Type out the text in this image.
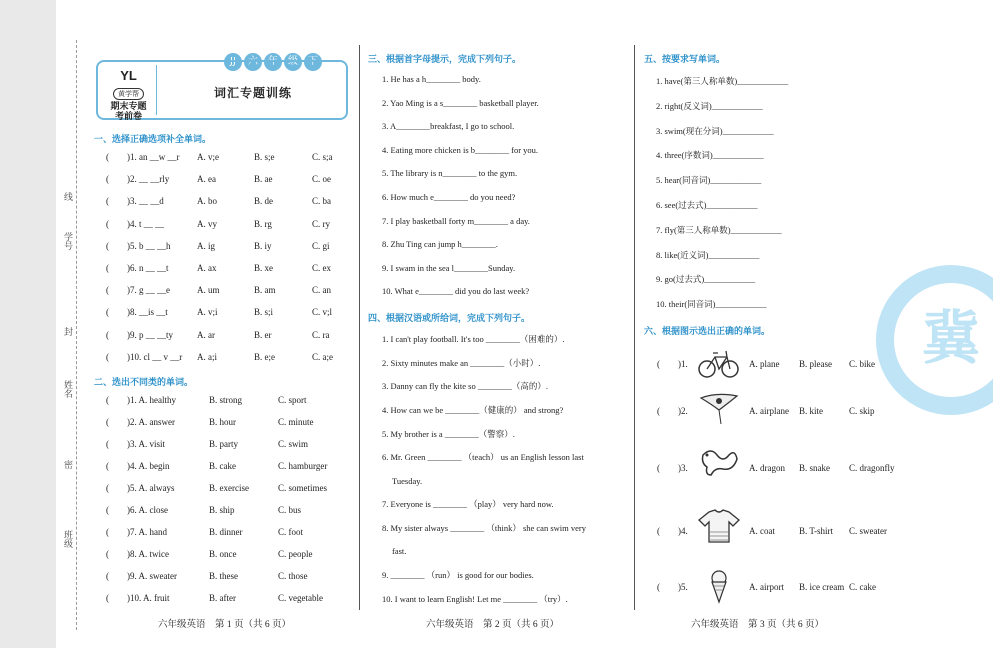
线
学号
封
姓名
密
班级
冀
JJ 六 年 级 下
YL
黄学帮
期末专题
考前卷
词汇专题训练
一、选择正确选项补全单词。
(　　)1. an __w __r A. v;e	B. s;e	C. s;a
(　　)2. __ __rly	A. ea	B. ae	C. oe
(　　)3. __ __d	A. bo	B. de	C. ba
(　　)4. t __ __	A. vy	B. rg	C. ry
(　　)5. b __ __h	A. ig	B. iy	C. gi
(　　)6. n __ __t	A. ax	B. xe	C. ex
(　　)7. g __ __e	A. um	B. am	C. an
(　　)8. __is __t	A. v;i	B. s;i	C. v;l
(　　)9. p __ __ty	A. ar	B. er	C. ra
(　　)10. cl __ v __r A. a;i	B. e;e	C. a;e
二、选出不同类的单词。
(　　)1. A. healthy	B. strong	C. sport
(　　)2. A. answer	B. hour	C. minute
(　　)3. A. visit	B. party	C. swim
(　　)4. A. begin	B. cake	C. hamburger
(　　)5. A. always	B. exercise	C. sometimes
(　　)6. A. close	B. ship	C. bus
(　　)7. A. hand	B. dinner	C. foot
(　　)8. A. twice	B. once	C. people
(　　)9. A. sweater	B. these	C. those
(　　)10. A. fruit	B. after	C. vegetable
六年级英语　第 1 页（共 6 页）
三、根据首字母提示，完成下列句子。
1. He has a h________ body.
2. Yao Ming is a s________ basketball player.
3. A________breakfast, I go to school.
4. Eating more chicken is b________ for you.
5. The library is n________ to the gym.
6. How much e________ do you need?
7. I play basketball forty m________ a day.
8. Zhu Ting can jump h________.
9. I swam in the sea l________Sunday.
10. What e________ did you do last week?
四、根据汉语或所给词，完成下列句子。
1. I can't play football. It's too ________（困难的）.
2. Sixty minutes make an ________（小时）.
3. Danny can fly the kite so ________（高的）.
4. How can we be ________（健康的） and strong?
5. My brother is a ________（警察）.
6. Mr. Green ________ （teach） us an English lesson last
Tuesday.
7. Everyone is ________ （play） very hard now.
8. My sister always ________ （think） she can swim very
fast.
9. ________ （run） is good for our bodies.
10. I want to learn English! Let me ________ （try）.
六年级英语　第 2 页（共 6 页）
五、按要求写单词。
1. have(第三人称单数)____________
2. right(反义词)____________
3. swim(现在分词)____________
4. three(序数词)____________
5. hear(同音词)____________
6. see(过去式)____________
7. fly(第三人称单数)____________
8. like(近义词)____________
9. go(过去式)____________
10. their(同音词)____________
六、根据图示选出正确的单词。
(　　)1.	A. plane B. please C. bike
(　　)2.	A. airplane B. kite	C. skip
(　　)3.	A. dragon B. snake C. dragonfly
(　　)4.	A. coat	B. T-shirt C. sweater
(　　)5.	A. airport B. ice cream C. cake
六年级英语　第 3 页（共 6 页）
